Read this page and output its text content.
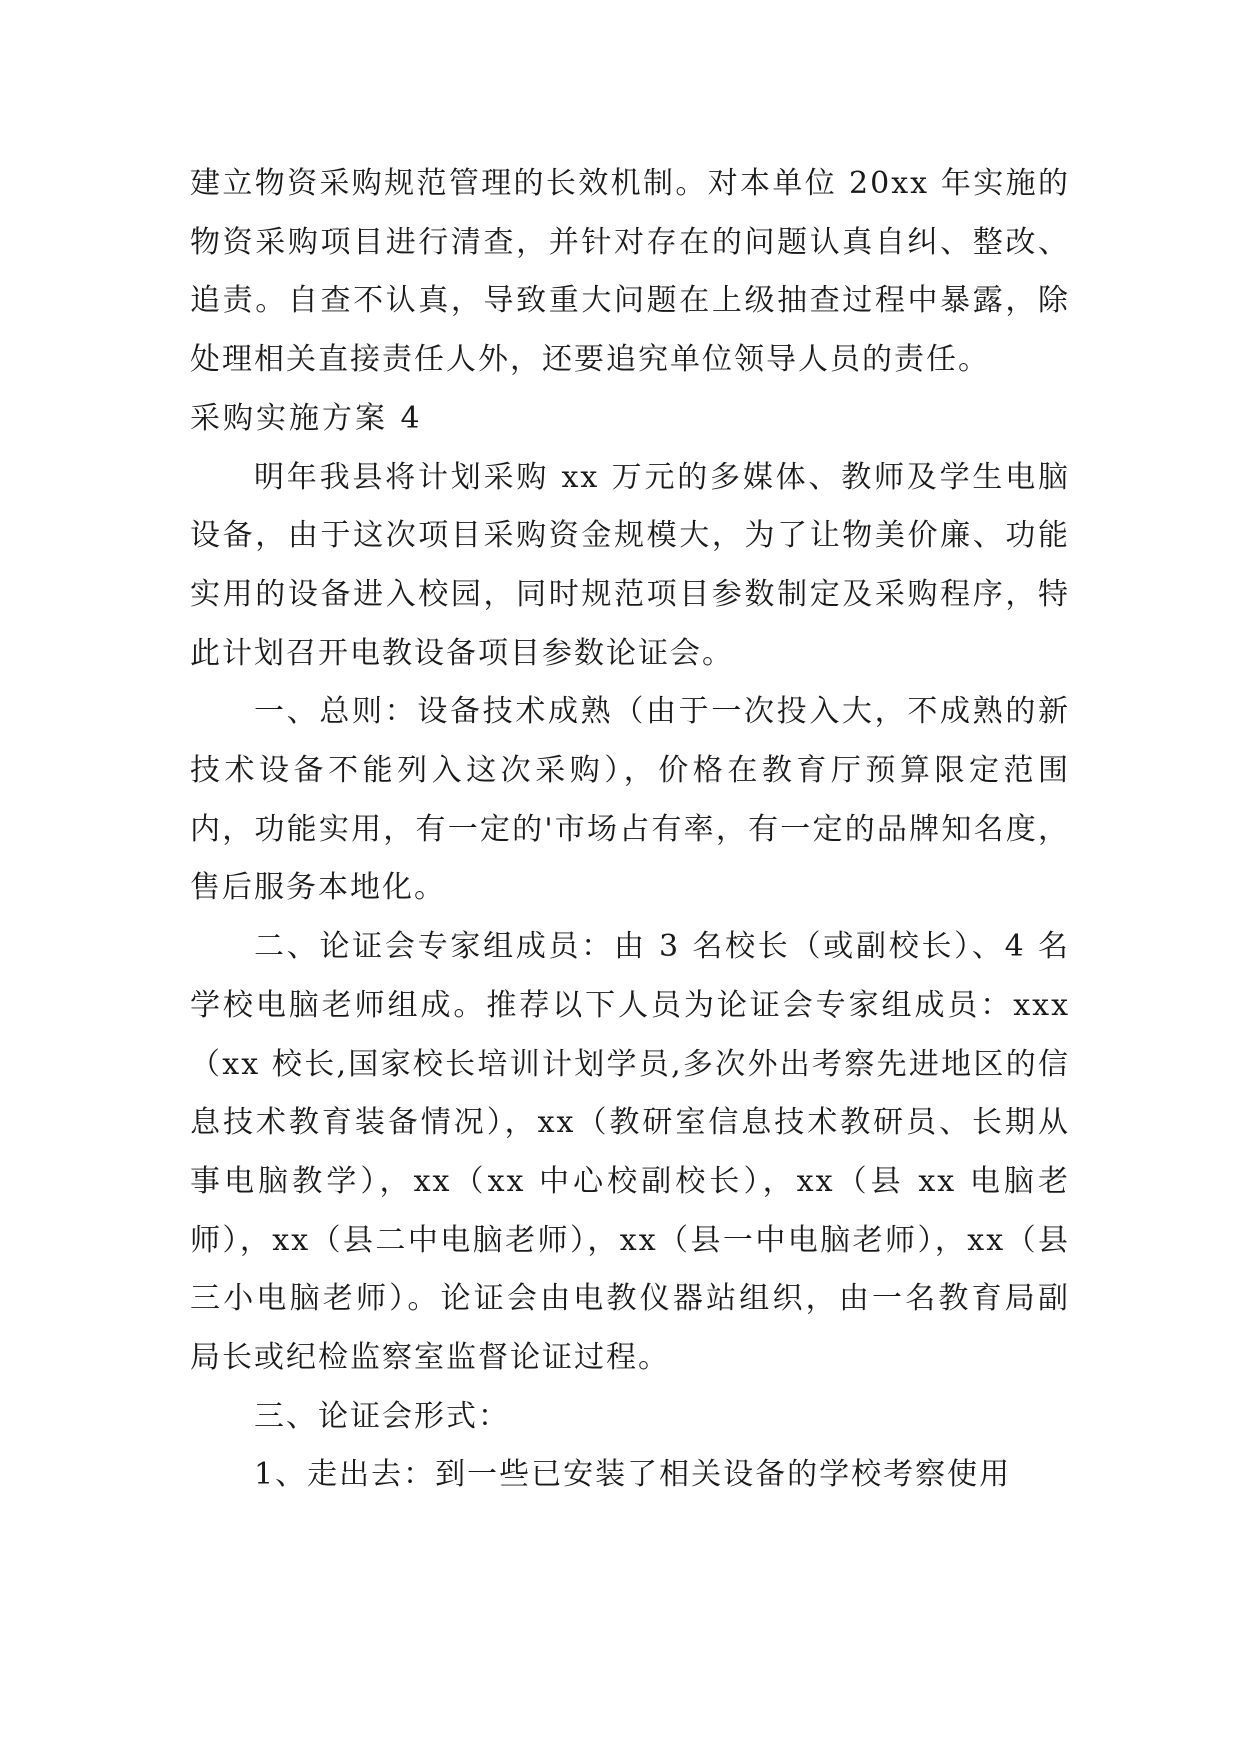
建立物资采购规范管理的长效机制。对本单位 20xx 年实施的物资采购项目进行清查，并针对存在的问题认真自纠、整改、追责。自查不认真，导致重大问题在上级抽查过程中暴露，除处理相关直接责任人外，还要追究单位领导人员的责任。

采购实施方案 4

明年我县将计划采购 xx 万元的多媒体、教师及学生电脑设备，由于这次项目采购资金规模大，为了让物美价廉、功能实用的设备进入校园，同时规范项目参数制定及采购程序，特此计划召开电教设备项目参数论证会。

一、总则：设备技术成熟（由于一次投入大，不成熟的新技术设备不能列入这次采购），价格在教育厅预算限定范围内，功能实用，有一定的'市场占有率，有一定的品牌知名度，售后服务本地化。

二、论证会专家组成员：由 3 名校长（或副校长）、4 名学校电脑老师组成。推荐以下人员为论证会专家组成员：xxx（xx 校长,国家校长培训计划学员,多次外出考察先进地区的信息技术教育装备情况），xx（教研室信息技术教研员、长期从事电脑教学），xx（xx 中心校副校长），xx（县 xx 电脑老师），xx（县二中电脑老师），xx（县一中电脑老师），xx（县三小电脑老师）。论证会由电教仪器站组织，由一名教育局副局长或纪检监察室监督论证过程。

三、论证会形式：

1、走出去：到一些已安装了相关设备的学校考察使用
